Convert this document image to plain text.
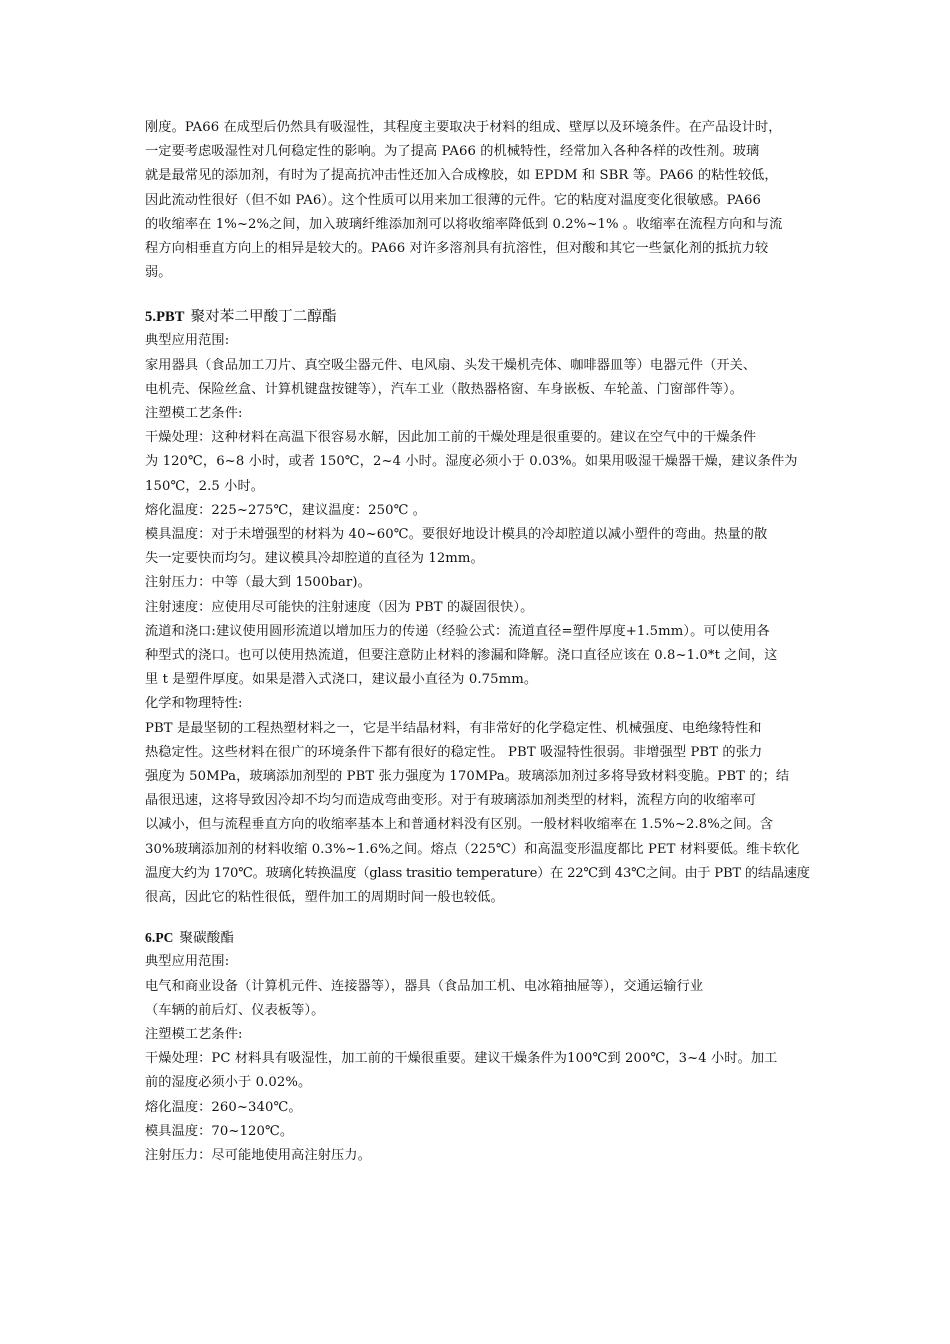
刚度。PA66 在成型后仍然具有吸湿性，其程度主要取决于材料的组成、壁厚以及环境条件。在产品设计时，

一定要考虑吸湿性对几何稳定性的影响。为了提高 PA66 的机械特性，经常加入各种各样的改性剂。玻璃

就是最常见的添加剂，有时为了提高抗冲击性还加入合成橡胶，如 EPDM 和 SBR 等。PA66 的粘性较低，

因此流动性很好（但不如 PA6）。这个性质可以用来加工很薄的元件。它的粘度对温度变化很敏感。PA66

的收缩率在 1%~2%之间，加入玻璃纤维添加剂可以将收缩率降低到 0.2%~1% 。收缩率在流程方向和与流

程方向相垂直方向上的相异是较大的。PA66 对许多溶剂具有抗溶性，但对酸和其它一些氯化剂的抵抗力较

弱。

5.PBT 聚对苯二甲酸丁二醇酯

典型应用范围:

家用器具（食品加工刀片、真空吸尘器元件、电风扇、头发干燥机壳体、咖啡器皿等）电器元件（开关、

电机壳、保险丝盒、计算机键盘按键等），汽车工业（散热器格窗、车身嵌板、车轮盖、门窗部件等）。

注塑模工艺条件:

干燥处理：这种材料在高温下很容易水解，因此加工前的干燥处理是很重要的。建议在空气中的干燥条件

为 120℃，6~8 小时，或者 150℃，2~4 小时。湿度必须小于 0.03%。如果用吸湿干燥器干燥，建议条件为

150℃，2.5 小时。

熔化温度：225~275℃，建议温度：250℃ 。

模具温度：对于未增强型的材料为 40~60℃。要很好地设计模具的冷却腔道以减小塑件的弯曲。热量的散

失一定要快而均匀。建议模具冷却腔道的直径为 12mm。

注射压力：中等（最大到 1500bar)。

注射速度：应使用尽可能快的注射速度（因为 PBT 的凝固很快）。

流道和浇口:建议使用圆形流道以增加压力的传递（经验公式：流道直径=塑件厚度+1.5mm）。可以使用各

种型式的浇口。也可以使用热流道，但要注意防止材料的渗漏和降解。浇口直径应该在 0.8~1.0*t 之间，这

里 t 是塑件厚度。如果是潜入式浇口，建议最小直径为 0.75mm。

化学和物理特性:

PBT 是最坚韧的工程热塑材料之一，它是半结晶材料，有非常好的化学稳定性、机械强度、电绝缘特性和

热稳定性。这些材料在很广的环境条件下都有很好的稳定性。 PBT 吸湿特性很弱。非增强型 PBT 的张力

强度为 50MPa，玻璃添加剂型的 PBT 张力强度为 170MPa。玻璃添加剂过多将导致材料变脆。PBT 的；结

晶很迅速，这将导致因冷却不均匀而造成弯曲变形。对于有玻璃添加剂类型的材料，流程方向的收缩率可

以减小，但与流程垂直方向的收缩率基本上和普通材料没有区别。一般材料收缩率在 1.5%~2.8%之间。含

30%玻璃添加剂的材料收缩 0.3%~1.6%之间。熔点（225℃）和高温变形温度都比 PET 材料要低。维卡软化

温度大约为 170℃。玻璃化转换温度（glass trasitio temperature）在 22℃到 43℃之间。由于 PBT 的结晶速度

很高，因此它的粘性很低，塑件加工的周期时间一般也较低。

6.PC 聚碳酸酯

典型应用范围:

电气和商业设备（计算机元件、连接器等），器具（食品加工机、电冰箱抽屉等），交通运输行业

（车辆的前后灯、仪表板等）。

注塑模工艺条件:

干燥处理：PC 材料具有吸湿性，加工前的干燥很重要。建议干燥条件为100℃到 200℃，3~4 小时。加工

前的湿度必须小于 0.02%。

熔化温度：260~340℃。

模具温度：70~120℃。

注射压力：尽可能地使用高注射压力。
